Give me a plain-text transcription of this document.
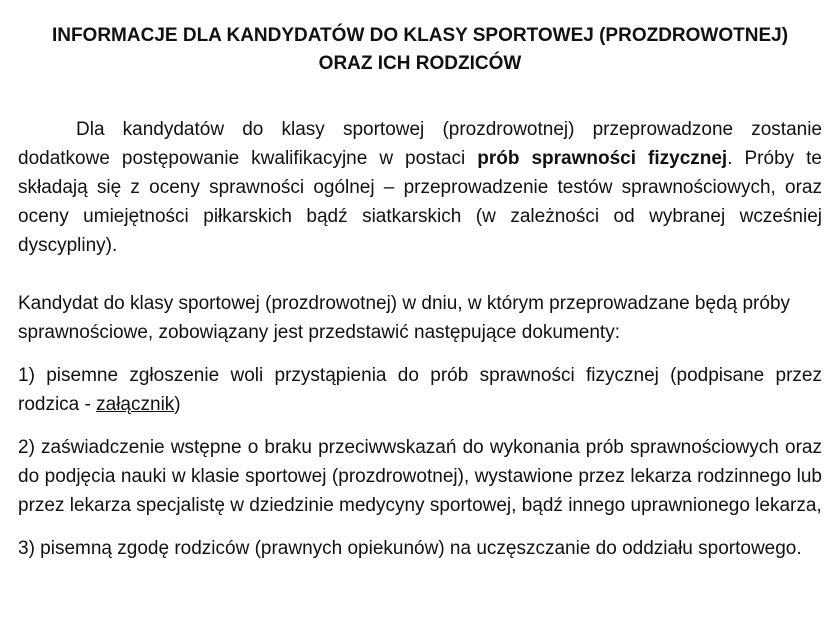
INFORMACJE DLA KANDYDATÓW DO KLASY SPORTOWEJ (PROZDROWOTNEJ)
ORAZ ICH RODZICÓW

Dla kandydatów do klasy sportowej (prozdrowotnej) przeprowadzone zostanie dodatkowe postępowanie kwalifikacyjne w postaci prób sprawności fizycznej. Próby te składają się z oceny sprawności ogólnej – przeprowadzenie testów sprawnościowych, oraz oceny umiejętności piłkarskich bądź siatkarskich (w zależności od wybranej wcześniej dyscypliny).

Kandydat do klasy sportowej (prozdrowotnej) w dniu, w którym przeprowadzane będą próby sprawnościowe, zobowiązany jest przedstawić następujące dokumenty:

1) pisemne zgłoszenie woli przystąpienia do prób sprawności fizycznej (podpisane przez rodzica - załącznik)

2) zaświadczenie wstępne o braku przeciwwskazań do wykonania prób sprawnościowych oraz do podjęcia nauki w klasie sportowej (prozdrowotnej), wystawione przez lekarza rodzinnego lub przez lekarza specjalistę w dziedzinie medycyny sportowej, bądź innego uprawnionego lekarza,

3) pisemną zgodę rodziców (prawnych opiekunów) na uczęszczanie do oddziału sportowego.
